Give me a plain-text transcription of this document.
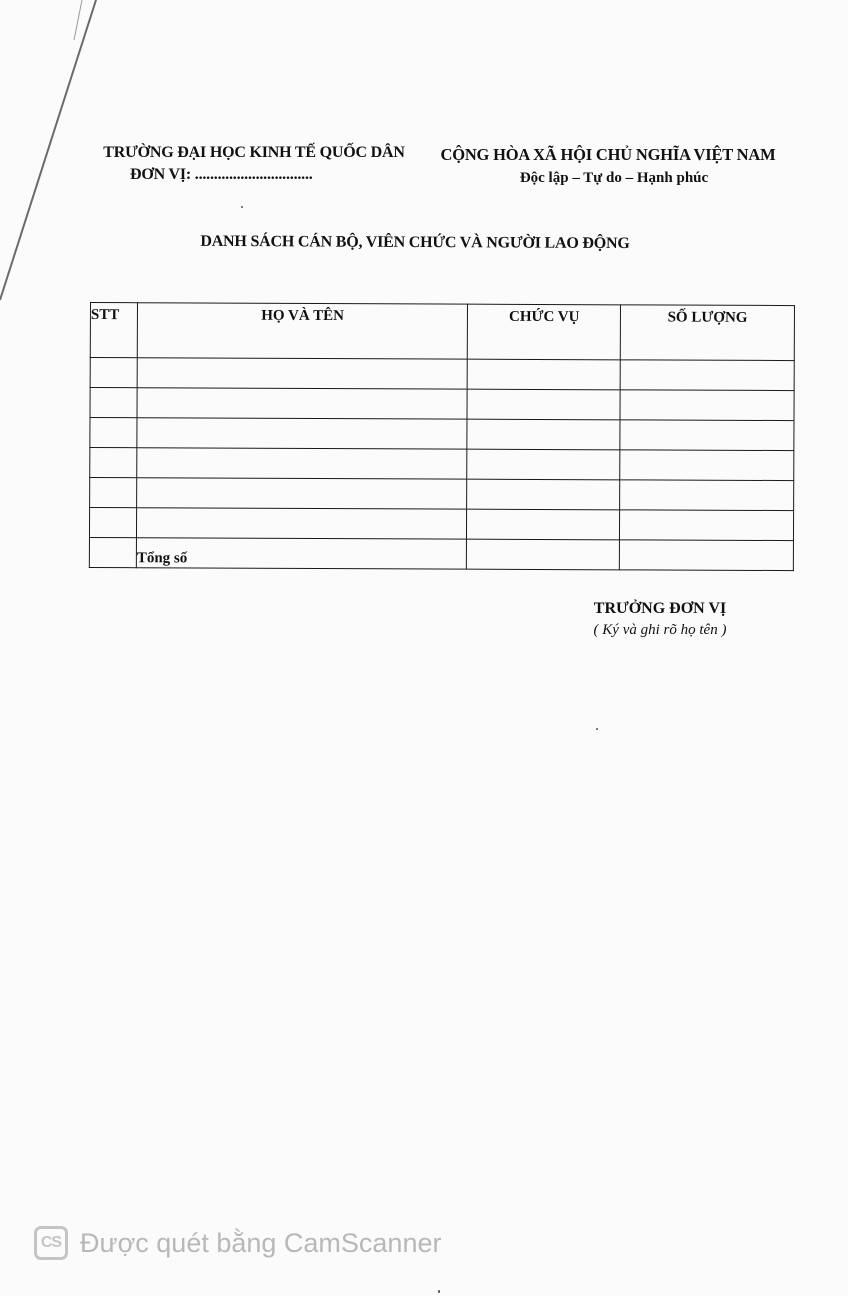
TRƯỜNG ĐẠI HỌC KINH TẾ QUỐC DÂN
ĐƠN VỊ: ...............................
CỘNG HÒA XÃ HỘI CHỦ NGHĨA VIỆT NAM
Độc lập – Tự do – Hạnh phúc
DANH SÁCH CÁN BỘ, VIÊN CHỨC VÀ NGƯỜI LAO ĐỘNG
STT	HỌ VÀ TÊN	CHỨC VỤ	SỐ LƯỢNG

	Tổng số		
TRƯỞNG ĐƠN VỊ
( Ký và ghi rõ họ tên )
CS Được quét bằng CamScanner
